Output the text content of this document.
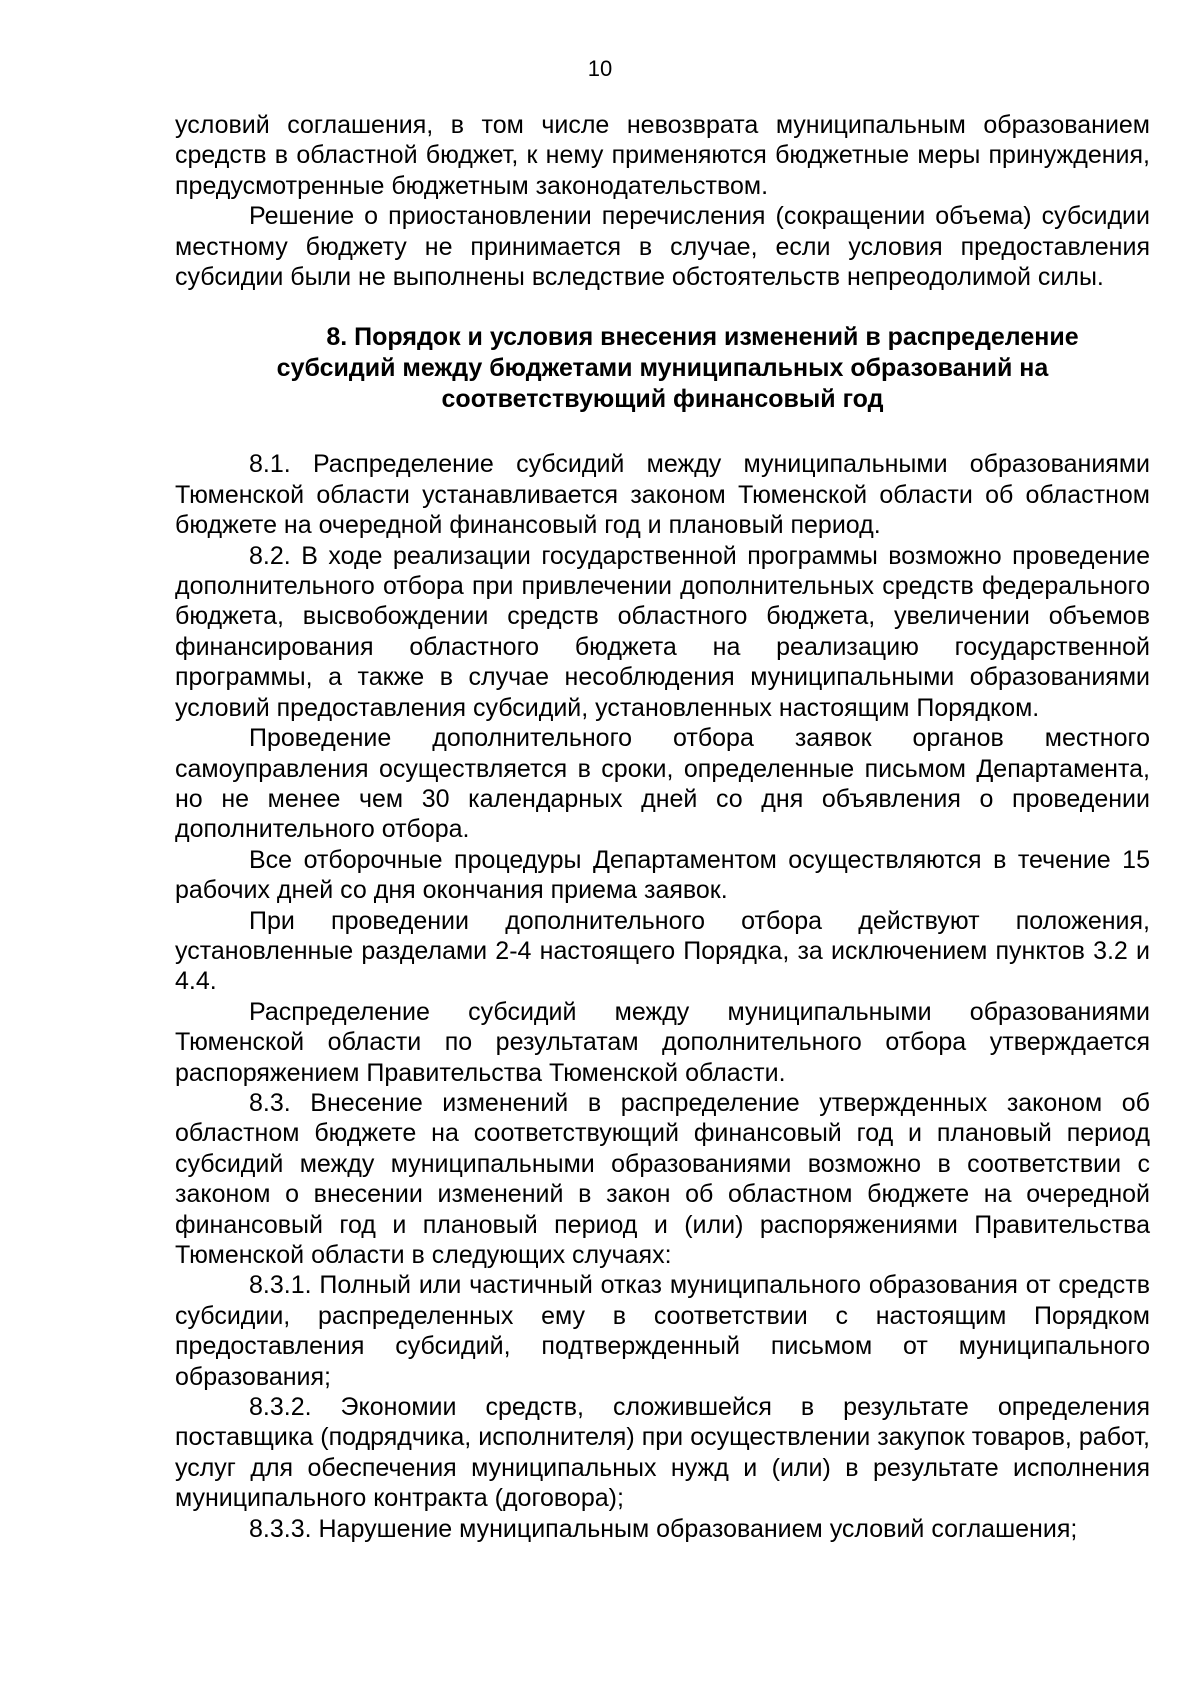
10

условий соглашения, в том числе невозврата муниципальным образованием средств в областной бюджет, к нему применяются бюджетные меры принуждения, предусмотренные бюджетным законодательством.

Решение о приостановлении перечисления (сокращении объема) субсидии местному бюджету не принимается в случае, если условия предоставления субсидии были не выполнены вследствие обстоятельств непреодолимой силы.

8. Порядок и условия внесения изменений в распределение
субсидий между бюджетами муниципальных образований на
соответствующий финансовый год

8.1. Распределение субсидий между муниципальными образованиями Тюменской области устанавливается законом Тюменской области об областном бюджете на очередной финансовый год и плановый период.

8.2. В ходе реализации государственной программы возможно проведение дополнительного отбора при привлечении дополнительных средств федерального бюджета, высвобождении средств областного бюджета, увеличении объемов финансирования областного бюджета на реализацию государственной программы, а также в случае несоблюдения муниципальными образованиями условий предоставления субсидий, установленных настоящим Порядком.

Проведение дополнительного отбора заявок органов местного самоуправления осуществляется в сроки, определенные письмом Департамента, но не менее чем 30 календарных дней со дня объявления о проведении дополнительного отбора.

Все отборочные процедуры Департаментом осуществляются в течение 15 рабочих дней со дня окончания приема заявок.

При проведении дополнительного отбора действуют положения, установленные разделами 2-4 настоящего Порядка, за исключением пунктов 3.2 и 4.4.

Распределение субсидий между муниципальными образованиями Тюменской области по результатам дополнительного отбора утверждается распоряжением Правительства Тюменской области.

8.3. Внесение изменений в распределение утвержденных законом об областном бюджете на соответствующий финансовый год и плановый период субсидий между муниципальными образованиями возможно в соответствии с законом о внесении изменений в закон об областном бюджете на очередной финансовый год и плановый период и (или) распоряжениями Правительства Тюменской области в следующих случаях:

8.3.1. Полный или частичный отказ муниципального образования от средств субсидии, распределенных ему в соответствии с настоящим Порядком предоставления субсидий, подтвержденный письмом от муниципального образования;

8.3.2. Экономии средств, сложившейся в результате определения поставщика (подрядчика, исполнителя) при осуществлении закупок товаров, работ, услуг для обеспечения муниципальных нужд и (или) в результате исполнения муниципального контракта (договора);

8.3.3. Нарушение муниципальным образованием условий соглашения;
